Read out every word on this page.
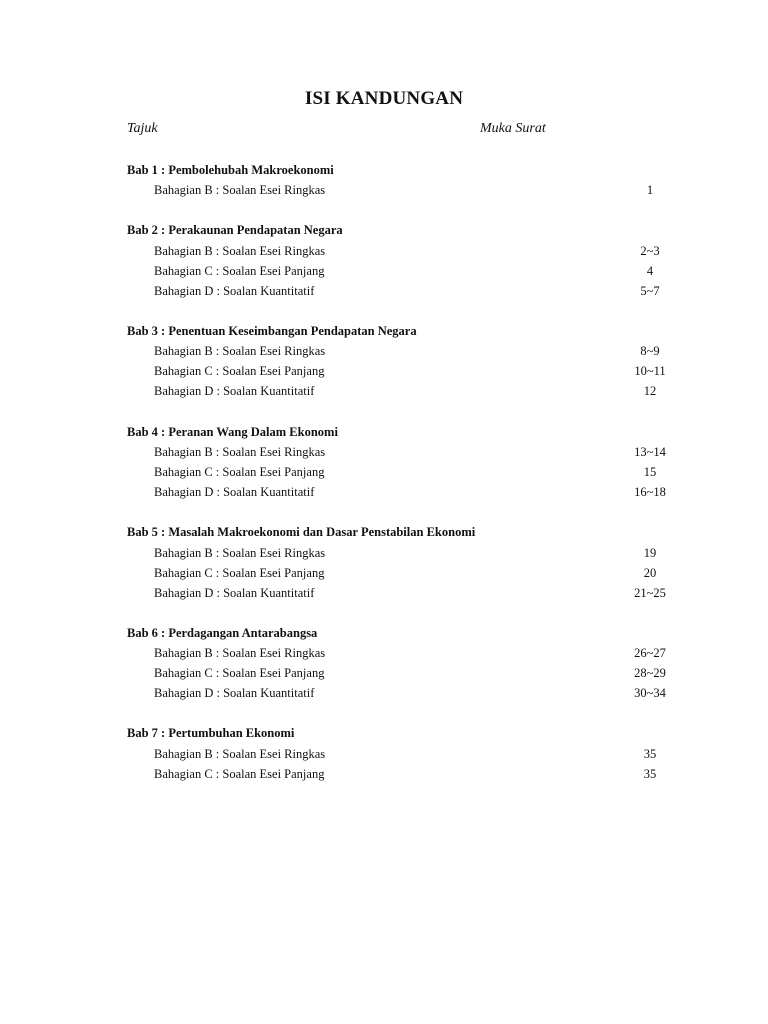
ISI KANDUNGAN
Tajuk	Muka Surat
Bab 1 : Pembolehubah Makroekonomi
Bahagian B : Soalan Esei Ringkas	1
Bab 2 : Perakaunan Pendapatan Negara
Bahagian B : Soalan Esei Ringkas	2~3
Bahagian C : Soalan Esei Panjang	4
Bahagian D : Soalan Kuantitatif	5~7
Bab 3 : Penentuan Keseimbangan Pendapatan Negara
Bahagian B : Soalan Esei Ringkas	8~9
Bahagian C : Soalan Esei Panjang	10~11
Bahagian D : Soalan Kuantitatif	12
Bab 4 : Peranan Wang Dalam Ekonomi
Bahagian B : Soalan Esei Ringkas	13~14
Bahagian C : Soalan Esei Panjang	15
Bahagian D : Soalan Kuantitatif	16~18
Bab 5 : Masalah Makroekonomi dan Dasar Penstabilan Ekonomi
Bahagian B : Soalan Esei Ringkas	19
Bahagian C : Soalan Esei Panjang	20
Bahagian D : Soalan Kuantitatif	21~25
Bab 6 : Perdagangan Antarabangsa
Bahagian B : Soalan Esei Ringkas	26~27
Bahagian C : Soalan Esei Panjang	28~29
Bahagian D : Soalan Kuantitatif	30~34
Bab 7 : Pertumbuhan Ekonomi
Bahagian B : Soalan Esei Ringkas	35
Bahagian C : Soalan Esei Panjang	35
